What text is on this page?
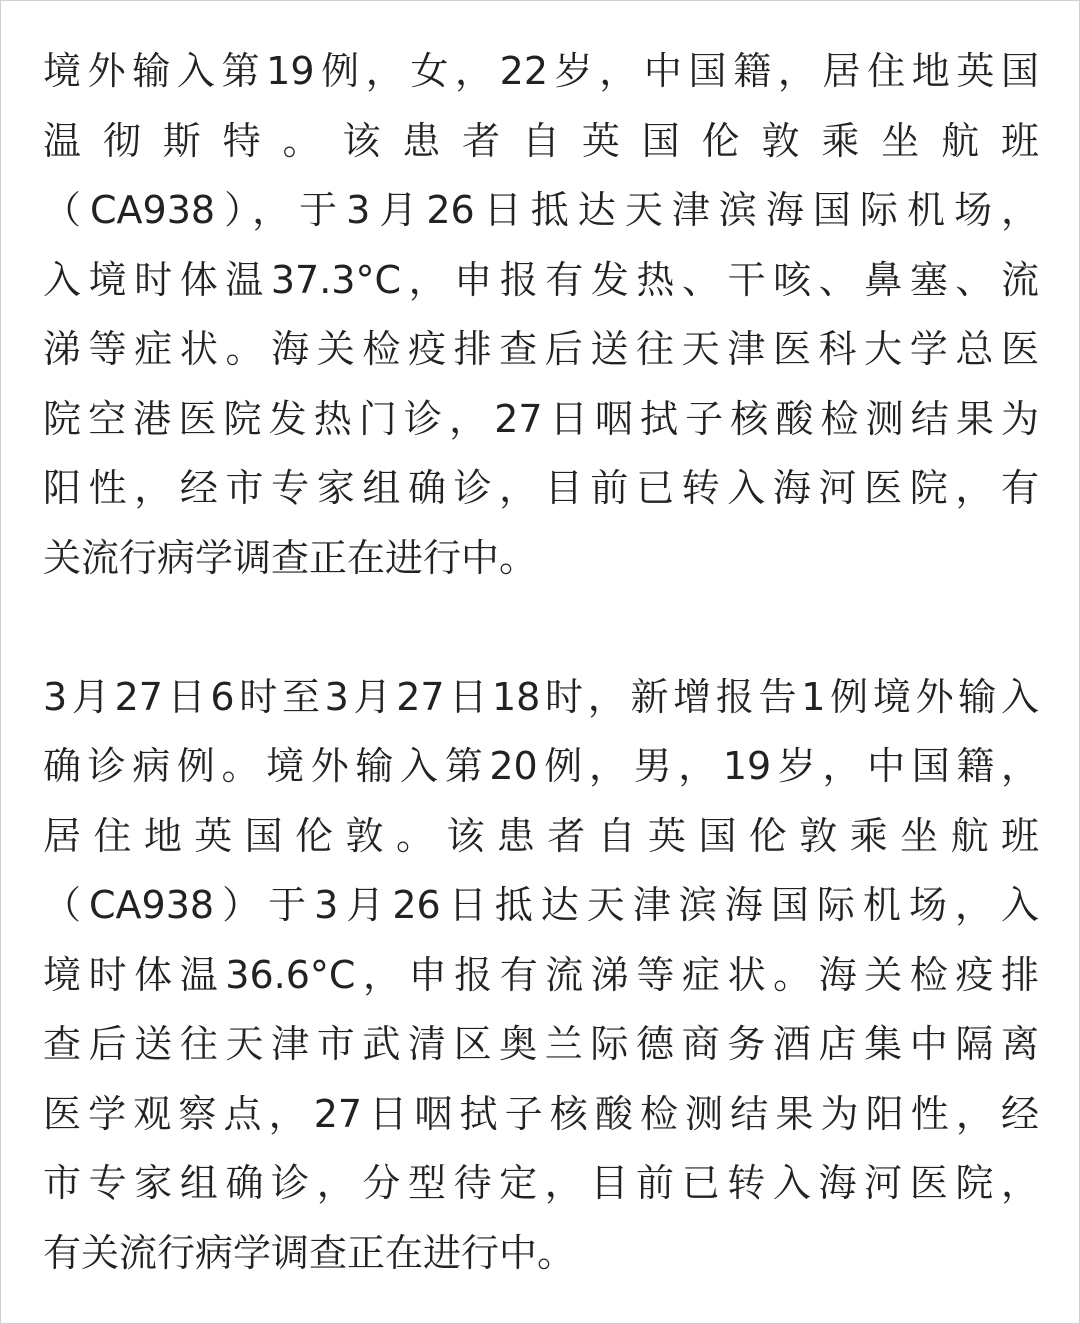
境外输入第19例，女，22岁，中国籍，居住地英国
温彻斯特。该患者自英国伦敦乘坐航班
（CA938），于3月26日抵达天津滨海国际机场，
入境时体温37.3°C，申报有发热、干咳、鼻塞、流
涕等症状。海关检疫排查后送往天津医科大学总医
院空港医院发热门诊，27日咽拭子核酸检测结果为
阳性，经市专家组确诊，目前已转入海河医院，有
关流行病学调查正在进行中。
3月27日6时至3月27日18时，新增报告1例境外输入
确诊病例。境外输入第20例，男，19岁，中国籍，
居住地英国伦敦。该患者自英国伦敦乘坐航班
（CA938）于3月26日抵达天津滨海国际机场，入
境时体温36.6°C，申报有流涕等症状。海关检疫排
查后送往天津市武清区奥兰际德商务酒店集中隔离
医学观察点，27日咽拭子核酸检测结果为阳性，经
市专家组确诊，分型待定，目前已转入海河医院，
有关流行病学调查正在进行中。
